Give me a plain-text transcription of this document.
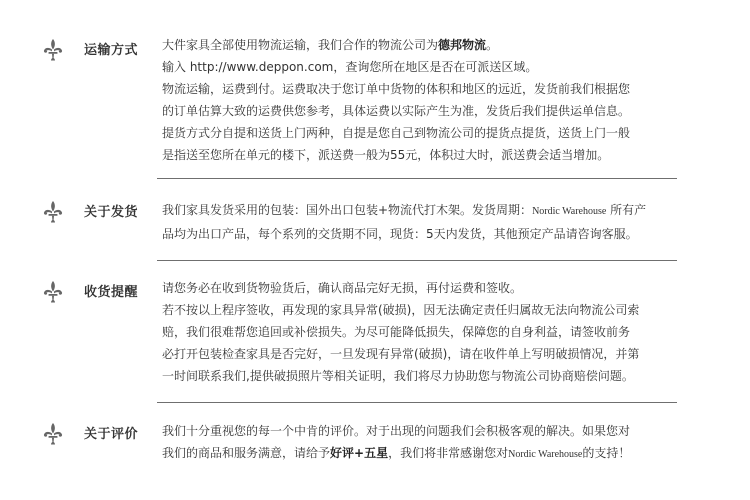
运输方式 大件家具全部使用物流运输，我们合作的物流公司为德邦物流。
输入 http://www.deppon.com，查询您所在地区是否在可派送区域。
物流运输，运费到付。运费取决于您订单中货物的体积和地区的远近，发货前我们根据您
的订单估算大致的运费供您参考，具体运费以实际产生为准，发货后我们提供运单信息。
提货方式分自提和送货上门两种，自提是您自己到物流公司的提货点提货，送货上门一般
是指送至您所在单元的楼下，派送费一般为55元，体积过大时，派送费会适当增加。
关于发货 我们家具发货采用的包装：国外出口包装+物流代打木架。发货周期：Nordic Warehouse 所有产
品均为出口产品，每个系列的交货期不同，现货：5天内发货，其他预定产品请咨询客服。
收货提醒 请您务必在收到货物验货后，确认商品完好无损，再付运费和签收。
若不按以上程序签收，再发现的家具异常(破损)，因无法确定责任归属故无法向物流公司索
赔，我们很难帮您追回或补偿损失。为尽可能降低损失，保障您的自身利益，请签收前务
必打开包装检查家具是否完好，一旦发现有异常(破损)，请在收件单上写明破损情况，并第
一时间联系我们,提供破损照片等相关证明，我们将尽力协助您与物流公司协商赔偿问题。
关于评价 我们十分重视您的每一个中肯的评价。对于出现的问题我们会积极客观的解决。如果您对
我们的商品和服务满意，请给予好评+五星，我们将非常感谢您对Nordic Warehouse的支持！
